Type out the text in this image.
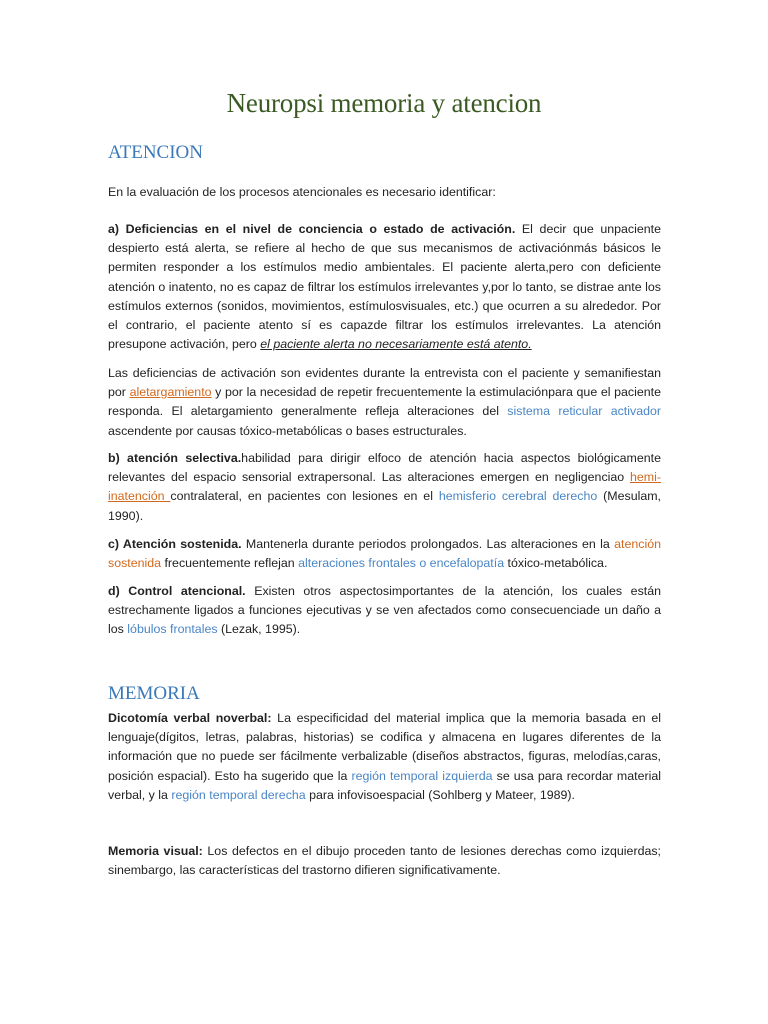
Neuropsi memoria y atencion
ATENCION

En la evaluación de los procesos atencionales es necesario identificar:

a) Deficiencias en el nivel de conciencia o estado de activación. El decir que unpaciente despierto está alerta, se refiere al hecho de que sus mecanismos de activaciónmás básicos le permiten responder a los estímulos medio ambientales. El paciente alerta,pero con deficiente atención o inatento, no es capaz de filtrar los estímulos irrelevantes y,por lo tanto, se distrae ante los estímulos externos (sonidos, movimientos, estímulosvisuales, etc.) que ocurren a su alrededor. Por el contrario, el paciente atento sí es capazde filtrar los estímulos irrelevantes. La atención presupone activación, pero el paciente alerta no necesariamente está atento.

Las deficiencias de activación son evidentes durante la entrevista con el paciente y semanifiestan por aletargamiento y por la necesidad de repetir frecuentemente la estimulaciónpara que el paciente responda. El aletargamiento generalmente refleja alteraciones del sistema reticular activador ascendente por causas tóxico-metabólicas o bases estructurales.

b) atención selectiva.habilidad para dirigir elfoco de atención hacia aspectos biológicamente relevantes del espacio sensorial extrapersonal. Las alteraciones emergen en negligenciao hemi-inatención contralateral, en pacientes con lesiones en el hemisferio cerebral derecho (Mesulam, 1990).

c) Atención sostenida. Mantenerla durante periodos prolongados. Las alteraciones en la atención sostenida frecuentemente reflejan alteraciones frontales o encefalopatía tóxico-metabólica.

d) Control atencional. Existen otros aspectosimportantes de la atención, los cuales están estrechamente ligados a funciones ejecutivas y se ven afectados como consecuenciade un daño a los lóbulos frontales (Lezak, 1995).

MEMORIA

Dicotomía verbal noverbal: La especificidad del material implica que la memoria basada en el lenguaje(dígitos, letras, palabras, historias) se codifica y almacena en lugares diferentes de la información que no puede ser fácilmente verbalizable (diseños abstractos, figuras, melodías,caras, posición espacial). Esto ha sugerido que la región temporal izquierda se usa para recordar material verbal, y la región temporal derecha para infovisoespacial (Sohlberg y Mateer, 1989).

Memoria visual: Los defectos en el dibujo proceden tanto de lesiones derechas como izquierdas; sinembargo, las características del trastorno difieren significativamente.
